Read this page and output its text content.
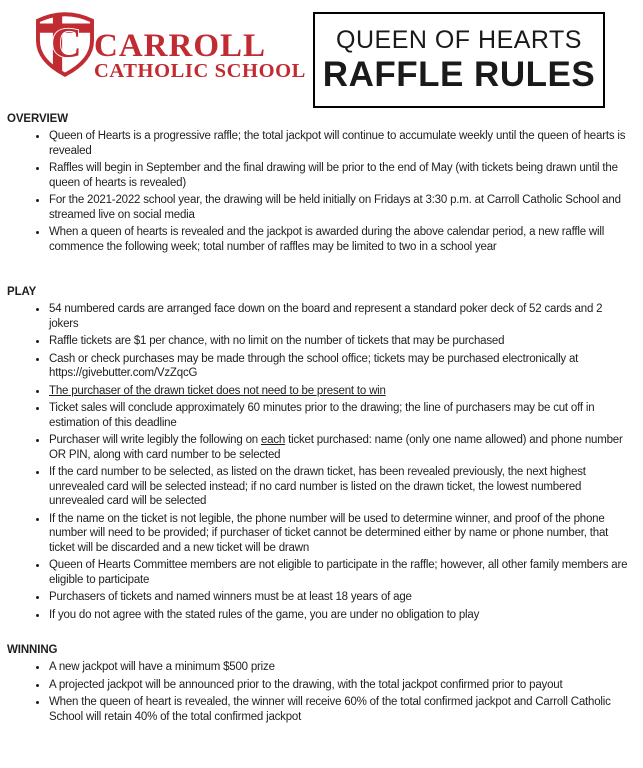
C CARROLL
CATHOLIC SCHOOL
QUEEN OF HEARTS
RAFFLE RULES
OVERVIEW
• Queen of Hearts is a progressive raffle; the total jackpot will continue to accumulate weekly until the queen of hearts is revealed
• Raffles will begin in September and the final drawing will be prior to the end of May (with tickets being drawn until the queen of hearts is revealed)
• For the 2021-2022 school year, the drawing will be held initially on Fridays at 3:30 p.m. at Carroll Catholic School and streamed live on social media
• When a queen of hearts is revealed and the jackpot is awarded during the above calendar period, a new raffle will commence the following week; total number of raffles may be limited to two in a school year
PLAY
• 54 numbered cards are arranged face down on the board and represent a standard poker deck of 52 cards and 2 jokers
• Raffle tickets are $1 per chance, with no limit on the number of tickets that may be purchased
• Cash or check purchases may be made through the school office; tickets may be purchased electronically at https://givebutter.com/VzZqcG
• The purchaser of the drawn ticket does not need to be present to win
• Ticket sales will conclude approximately 60 minutes prior to the drawing; the line of purchasers may be cut off in estimation of this deadline
• Purchaser will write legibly the following on each ticket purchased: name (only one name allowed) and phone number OR PIN, along with card number to be selected
• If the card number to be selected, as listed on the drawn ticket, has been revealed previously, the next highest unrevealed card will be selected instead; if no card number is listed on the drawn ticket, the lowest numbered unrevealed card will be selected
• If the name on the ticket is not legible, the phone number will be used to determine winner, and proof of the phone number will need to be provided; if purchaser of ticket cannot be determined either by name or phone number, that ticket will be discarded and a new ticket will be drawn
• Queen of Hearts Committee members are not eligible to participate in the raffle; however, all other family members are eligible to participate
• Purchasers of tickets and named winners must be at least 18 years of age
• If you do not agree with the stated rules of the game, you are under no obligation to play
WINNING
• A new jackpot will have a minimum $500 prize
• A projected jackpot will be announced prior to the drawing, with the total jackpot confirmed prior to payout
• When the queen of heart is revealed, the winner will receive 60% of the total confirmed jackpot and Carroll Catholic School will retain 40% of the total confirmed jackpot
